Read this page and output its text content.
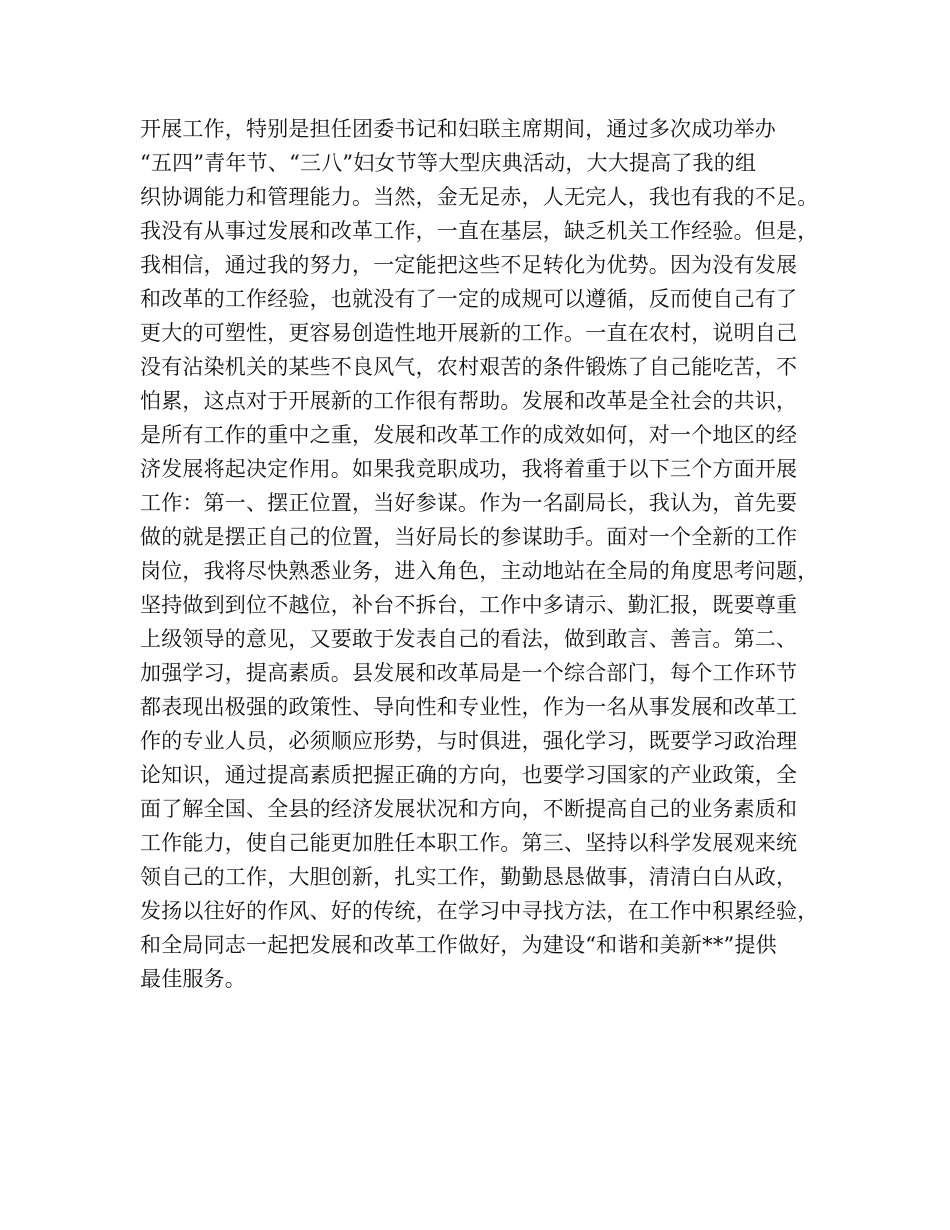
开展工作，特别是担任团委书记和妇联主席期间，通过多次成功举办
“五四”青年节、“三八”妇女节等大型庆典活动，大大提高了我的组
织协调能力和管理能力。当然，金无足赤，人无完人，我也有我的不足。
我没有从事过发展和改革工作，一直在基层，缺乏机关工作经验。但是，
我相信，通过我的努力，一定能把这些不足转化为优势。因为没有发展
和改革的工作经验，也就没有了一定的成规可以遵循，反而使自己有了
更大的可塑性，更容易创造性地开展新的工作。一直在农村，说明自己
没有沾染机关的某些不良风气，农村艰苦的条件锻炼了自己能吃苦，不
怕累，这点对于开展新的工作很有帮助。发展和改革是全社会的共识，
是所有工作的重中之重，发展和改革工作的成效如何，对一个地区的经
济发展将起决定作用。如果我竞职成功，我将着重于以下三个方面开展
工作：第一、摆正位置，当好参谋。作为一名副局长，我认为，首先要
做的就是摆正自己的位置，当好局长的参谋助手。面对一个全新的工作
岗位，我将尽快熟悉业务，进入角色，主动地站在全局的角度思考问题，
坚持做到到位不越位，补台不拆台，工作中多请示、勤汇报，既要尊重
上级领导的意见，又要敢于发表自己的看法，做到敢言、善言。第二、
加强学习，提高素质。县发展和改革局是一个综合部门，每个工作环节
都表现出极强的政策性、导向性和专业性，作为一名从事发展和改革工
作的专业人员，必须顺应形势，与时俱进，强化学习，既要学习政治理
论知识，通过提高素质把握正确的方向，也要学习国家的产业政策，全
面了解全国、全县的经济发展状况和方向，不断提高自己的业务素质和
工作能力，使自己能更加胜任本职工作。第三、坚持以科学发展观来统
领自己的工作，大胆创新，扎实工作，勤勤恳恳做事，清清白白从政，
发扬以往好的作风、好的传统，在学习中寻找方法，在工作中积累经验，
和全局同志一起把发展和改革工作做好，为建设“和谐和美新**”提供
最佳服务。
